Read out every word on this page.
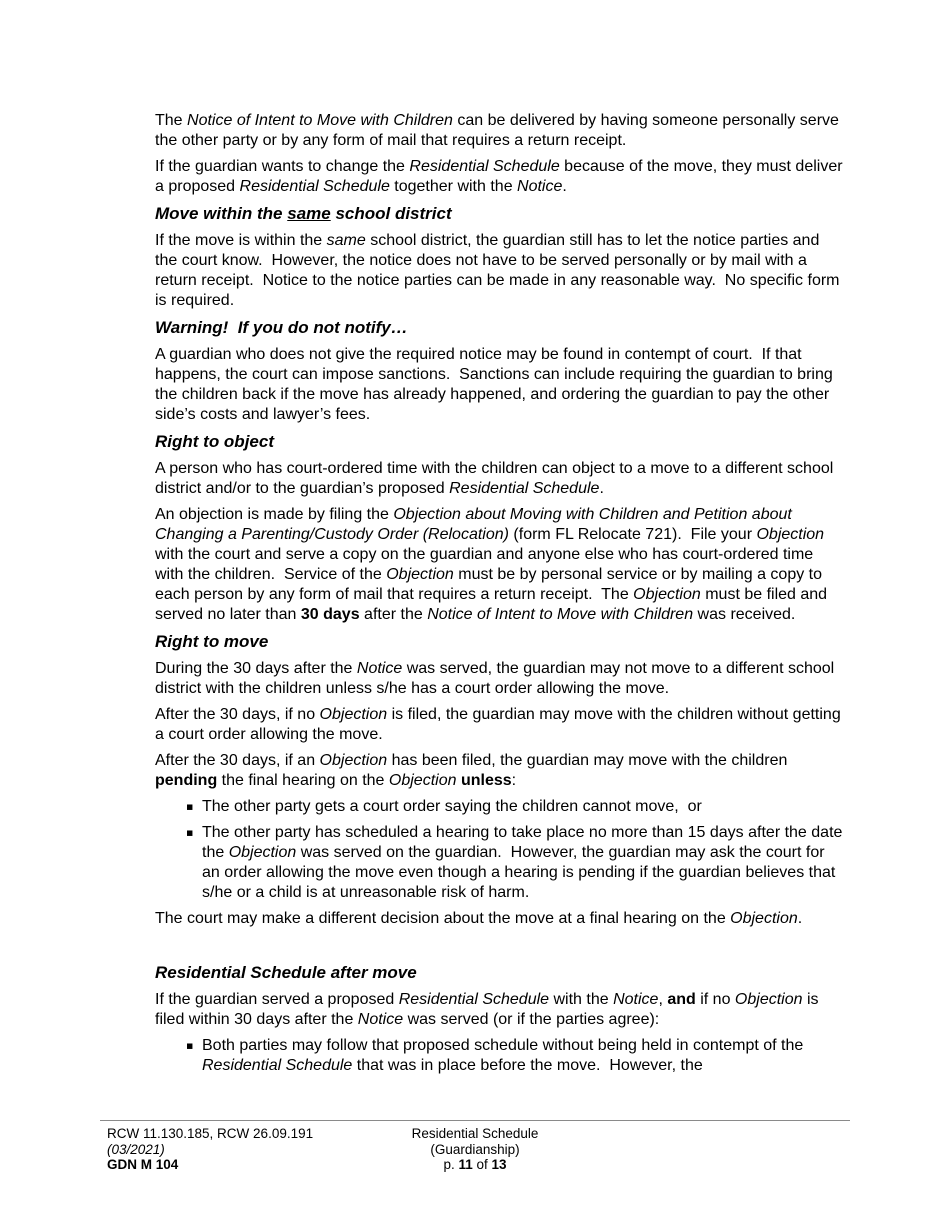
The Notice of Intent to Move with Children can be delivered by having someone personally serve the other party or by any form of mail that requires a return receipt.

If the guardian wants to change the Residential Schedule because of the move, they must deliver a proposed Residential Schedule together with the Notice.

Move within the same school district

If the move is within the same school district, the guardian still has to let the notice parties and the court know.  However, the notice does not have to be served personally or by mail with a return receipt.  Notice to the notice parties can be made in any reasonable way.  No specific form is required.

Warning!  If you do not notify…

A guardian who does not give the required notice may be found in contempt of court.  If that happens, the court can impose sanctions.  Sanctions can include requiring the guardian to bring the children back if the move has already happened, and ordering the guardian to pay the other side’s costs and lawyer’s fees.

Right to object

A person who has court-ordered time with the children can object to a move to a different school district and/or to the guardian’s proposed Residential Schedule.

An objection is made by filing the Objection about Moving with Children and Petition about Changing a Parenting/Custody Order (Relocation) (form FL Relocate 721).  File your Objection with the court and serve a copy on the guardian and anyone else who has court-ordered time with the children.  Service of the Objection must be by personal service or by mailing a copy to each person by any form of mail that requires a return receipt.  The Objection must be filed and served no later than 30 days after the Notice of Intent to Move with Children was received.

Right to move

During the 30 days after the Notice was served, the guardian may not move to a different school district with the children unless s/he has a court order allowing the move.

After the 30 days, if no Objection is filed, the guardian may move with the children without getting a court order allowing the move.

After the 30 days, if an Objection has been filed, the guardian may move with the children pending the final hearing on the Objection unless:

▪ The other party gets a court order saying the children cannot move,  or
▪ The other party has scheduled a hearing to take place no more than 15 days after the date the Objection was served on the guardian.  However, the guardian may ask the court for an order allowing the move even though a hearing is pending if the guardian believes that s/he or a child is at unreasonable risk of harm.

The court may make a different decision about the move at a final hearing on the Objection.

Residential Schedule after move

If the guardian served a proposed Residential Schedule with the Notice, and if no Objection is filed within 30 days after the Notice was served (or if the parties agree):

▪ Both parties may follow that proposed schedule without being held in contempt of the Residential Schedule that was in place before the move.  However, the
RCW 11.130.185, RCW 26.09.191
(03/2021)
GDN M 104
Residential Schedule
(Guardianship)
p. 11 of 13
